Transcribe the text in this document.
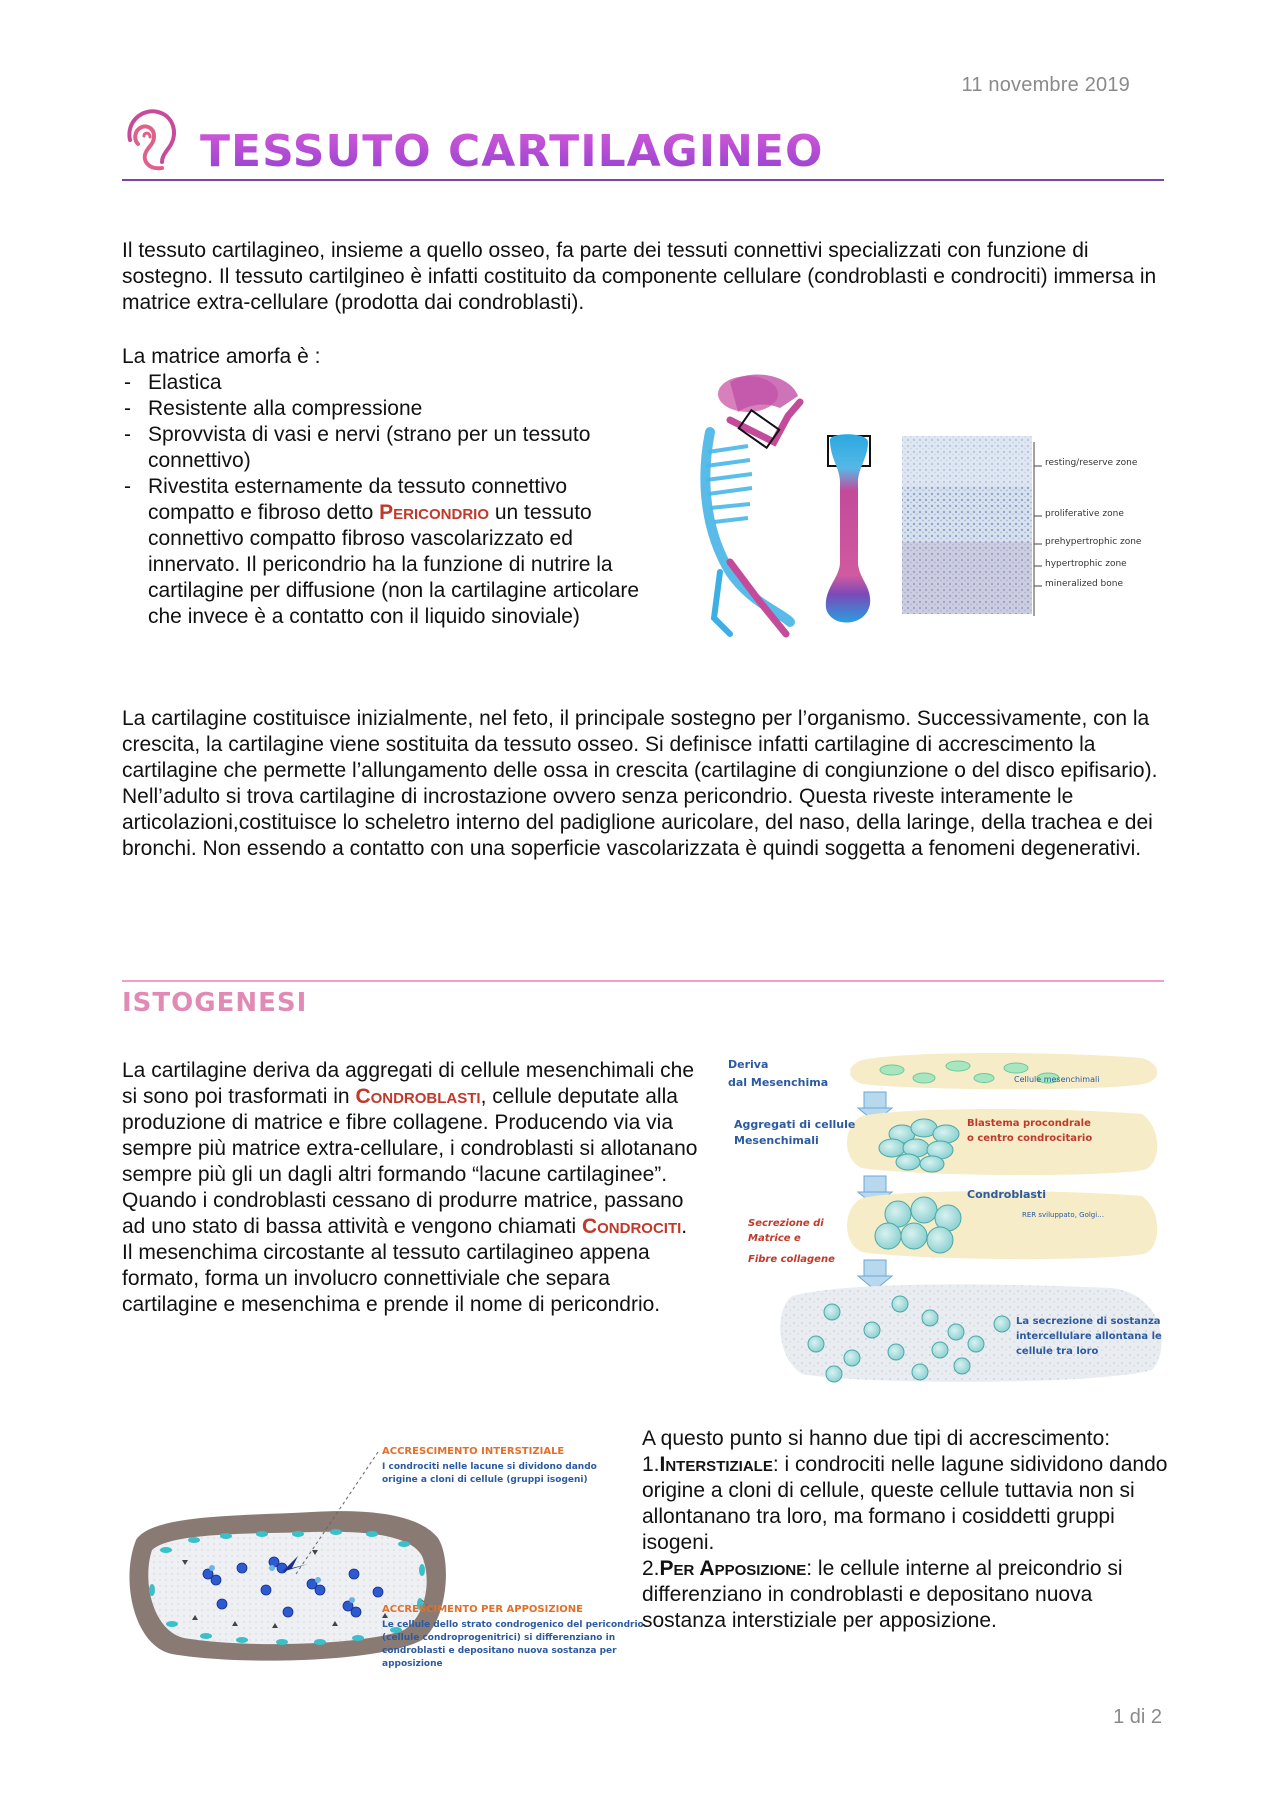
11 novembre 2019
TESSUTO CARTILAGINEO

Il tessuto cartilagineo, insieme a quello osseo, fa parte dei tessuti connettivi specializzati con funzione di sostegno. Il tessuto cartilgineo è infatti costituito da componente cellulare (condroblasti e condrociti) immersa in matrice extra-cellulare (prodotta dai condroblasti).

La matrice amorfa è :

- Elastica
- Resistente alla compressione
- Sprovvista di vasi e nervi (strano per un tessuto connettivo)
- Rivestita esternamente da tessuto connettivo compatto e fibroso detto Pericondrio un tessuto connettivo compatto fibroso vascolarizzato ed innervato. Il pericondrio ha la funzione di nutrire la cartilagine per diffusione (non la cartilagine articolare che invece è a contatto con il liquido sinoviale)
resting/reserve zone
proliferative zone
prehypertrophic zone
hypertrophic zone
mineralized bone

La cartilagine costituisce inizialmente, nel feto, il principale sostegno per l’organismo. Successivamente, con la crescita, la cartilagine viene sostituita da tessuto osseo. Si definisce infatti cartilagine di accrescimento la cartilagine che permette l’allungamento delle ossa in crescita (cartilagine di congiunzione o del disco epifisario).

Nell’adulto si trova cartilagine di incrostazione ovvero senza pericondrio. Questa riveste interamente le articolazioni,costituisce lo scheletro interno del padiglione auricolare, del naso, della laringe, della trachea e dei bronchi. Non essendo a contatto con una soperficie vascolarizzata è quindi soggetta a fenomeni degenerativi.

ISTOGENESI

La cartilagine deriva da aggregati di cellule mesenchimali che si sono poi trasformati in Condroblasti, cellule deputate alla produzione di matrice e fibre collagene. Producendo via via sempre più matrice extra-cellulare, i condroblasti si allotanano sempre più gli un dagli altri formando “lacune cartilaginee”. Quando i condroblasti cessano di produrre matrice, passano ad uno stato di bassa attività e vengono chiamati Condrociti. Il mesenchima circostante al tessuto cartilagineo appena formato, forma un involucro connettiviale che separa cartilagine e mesenchima e prende il nome di pericondrio.

Deriva
dal Mesenchima	Cellule mesenchimali
Aggregati di cellule
Mesenchimali
Blastema procondrale
o centro condrocitario
Condroblasti
RER sviluppato, Golgi…
Secrezione di
Matrice e
Fibre collagene
La secrezione di sostanza
intercellulare allontana le
cellule tra loro
ACCRESCIMENTO INTERSTIZIALE
I condrociti nelle lacune si dividono dando
origine a cloni di cellule (gruppi isogeni)
ACCRESCIMENTO PER APPOSIZIONE
Le cellule dello strato condrogenico del pericondrio
(cellule condroprogenitrici) si differenziano in
condroblasti e depositano nuova sostanza per
apposizione

A questo punto si hanno due tipi di accrescimento:

1.Interstiziale: i condrociti nelle lagune sidividono dando origine a cloni di cellule, queste cellule tuttavia non si allontanano tra loro, ma formano i cosiddetti gruppi isogeni.

2.Per Apposizione: le cellule interne al preicondrio si differenziano in condroblasti e depositano nuova sostanza interstiziale per apposizione.

1 di 2
